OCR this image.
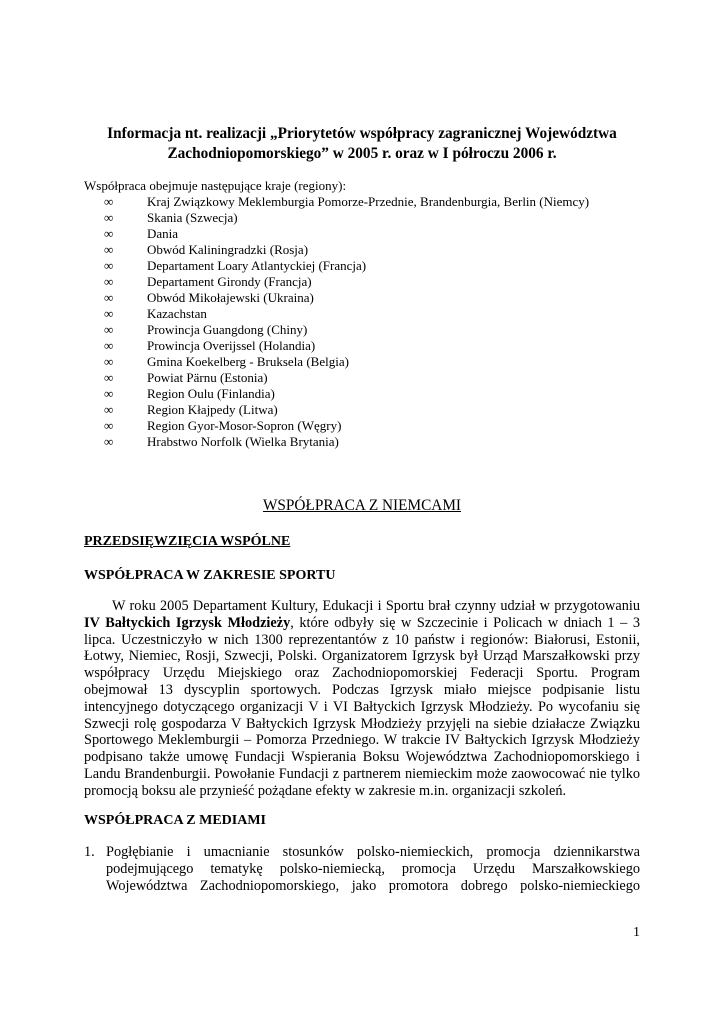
Informacja nt. realizacji „Priorytetów współpracy zagranicznej Województwa
Zachodniopomorskiego” w 2005 r. oraz w I półroczu 2006 r.
Współpraca obejmuje następujące kraje (regiony):
∞	Kraj Związkowy Meklemburgia Pomorze-Przednie, Brandenburgia, Berlin (Niemcy)
∞	Skania (Szwecja)
∞	Dania
∞	Obwód Kaliningradzki (Rosja)
∞	Departament Loary Atlantyckiej (Francja)
∞	Departament Girondy (Francja)
∞	Obwód Mikołajewski (Ukraina)
∞	Kazachstan
∞	Prowincja Guangdong (Chiny)
∞	Prowincja Overijssel (Holandia)
∞	Gmina Koekelberg - Bruksela (Belgia)
∞	Powiat Pärnu (Estonia)
∞	Region Oulu (Finlandia)
∞	Region Kłajpedy (Litwa)
∞	Region Gyor-Mosor-Sopron (Węgry)
∞	Hrabstwo Norfolk (Wielka Brytania)
WSPÓŁPRACA Z NIEMCAMI
PRZEDSIĘWZIĘCIA WSPÓLNE
WSPÓŁPRACA W ZAKRESIE SPORTU

W roku 2005 Departament Kultury, Edukacji i Sportu brał czynny udział w przygotowaniu IV Bałtyckich Igrzysk Młodzieży, które odbyły się w Szczecinie i Policach w dniach 1 – 3 lipca. Uczestniczyło w nich 1300 reprezentantów z 10 państw i regionów: Białorusi, Estonii, Łotwy, Niemiec, Rosji, Szwecji, Polski. Organizatorem Igrzysk był Urząd Marszałkowski przy współpracy Urzędu Miejskiego oraz Zachodniopomorskiej Federacji Sportu. Program obejmował 13 dyscyplin sportowych. Podczas Igrzysk miało miejsce podpisanie listu intencyjnego dotyczącego organizacji V i VI Bałtyckich Igrzysk Młodzieży. Po wycofaniu się Szwecji rolę gospodarza V Bałtyckich Igrzysk Młodzieży przyjęli na siebie działacze Związku Sportowego Meklemburgii – Pomorza Przedniego. W trakcie IV Bałtyckich Igrzysk Młodzieży podpisano także umowę Fundacji Wspierania Boksu Województwa Zachodniopomorskiego i Landu Brandenburgii. Powołanie Fundacji z partnerem niemieckim może zaowocować nie tylko promocją boksu ale przynieść pożądane efekty w zakresie m.in. organizacji szkoleń.

WSPÓŁPRACA Z MEDIAMI
1. Pogłębianie i umacnianie stosunków polsko-niemieckich, promocja dziennikarstwa podejmującego tematykę polsko-niemiecką, promocja Urzędu Marszałkowskiego Województwa Zachodniopomorskiego, jako promotora dobrego polsko-niemieckiego
1
